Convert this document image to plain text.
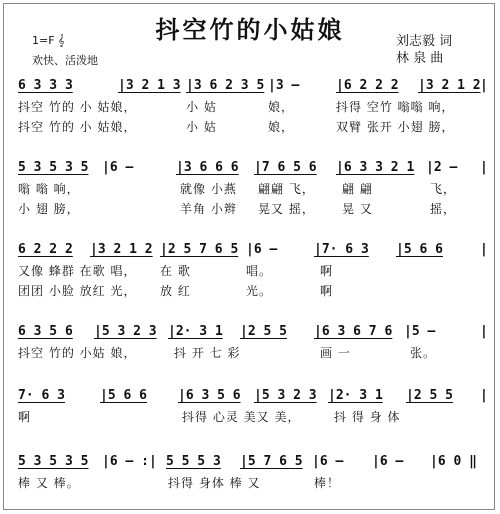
抖空竹的小姑娘
1=F 𝄞
欢快、活泼地
刘志毅 词
林 泉 曲
6 3 3 3	|3 2 1 3 |3 6 2 3 5 |3 —	|6 2 2 2 |3 2 1 2 |
抖空 竹的 小 姑娘，	小 姑	娘，	抖得 空竹 嗡嗡 响，
抖空 竹的 小 姑娘，	小 姑	娘，	双臂 张开 小翅 膀，
5 3 5 3 5 |6 —	|3 6 6 6 |7 6 5 6 |6 3 3 2 1 |2 — |
嗡 嗡 响，	就像 小燕 翩翩 飞， 翩 翩	飞，
小 翅 膀，	羊角 小辫 晃又 摇， 晃 又	摇，
6 2 2 2 |3 2 1 2 |2 5 7 6 5 |6 —	|7· 6 3 |5 6 6	|
又像 蜂群 在歌 唱， 在 歌	唱。	啊
团团 小脸 放红 光， 放 红	光。	啊
6 3 5 6 |5 3 2 3 |2· 3 1 |2 5 5 |6 3 6 7 6 |5 —	|
抖空 竹的 小姑 娘，	抖 开 七 彩	画 一	张。
7· 6 3	|5 6 6 |6 3 5 6 |5 3 2 3 |2· 3 1 |2 5 5 |
啊	抖得 心灵 美又 美，	抖 得 身 体
5 3 5 3 5 |6 — :| 5 5 5 3 |5 7 6 5 |6 — |6 — |6 0 ‖
棒 又 棒。	抖得 身体 棒 又	棒！
